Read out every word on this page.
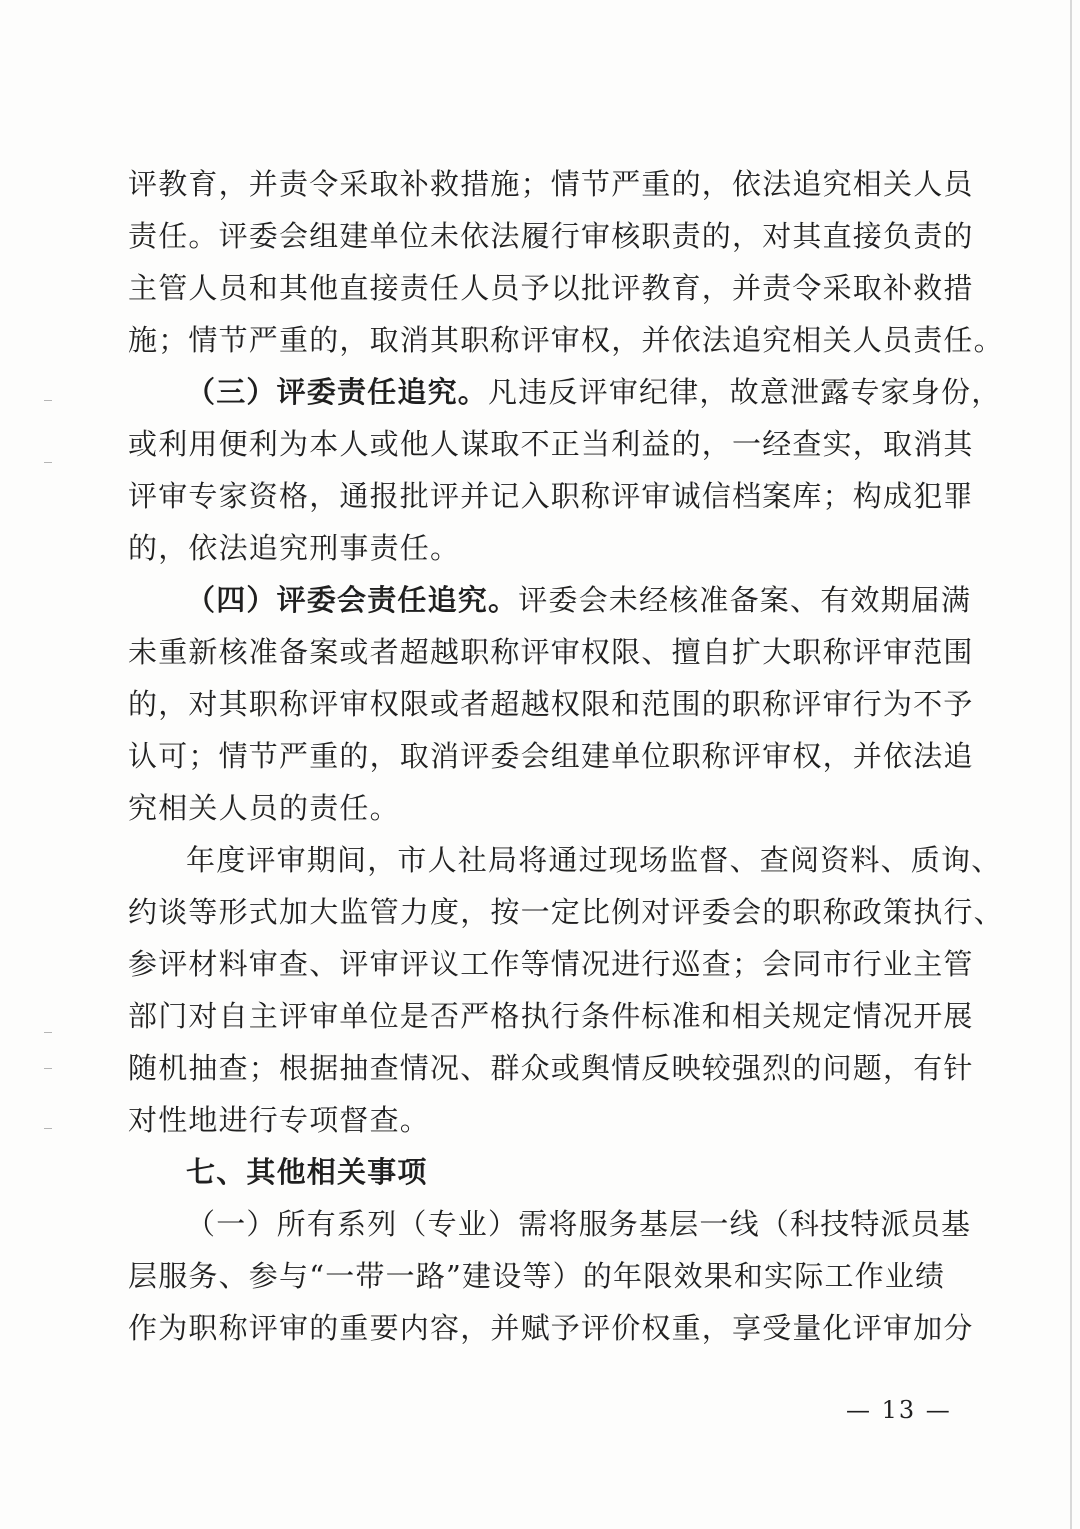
评教育，并责令采取补救措施；情节严重的，依法追究相关人员
责任。评委会组建单位未依法履行审核职责的，对其直接负责的
主管人员和其他直接责任人员予以批评教育，并责令采取补救措
施；情节严重的，取消其职称评审权，并依法追究相关人员责任。
（三）评委责任追究。凡违反评审纪律，故意泄露专家身份，
或利用便利为本人或他人谋取不正当利益的，一经查实，取消其
评审专家资格，通报批评并记入职称评审诚信档案库；构成犯罪
的，依法追究刑事责任。
（四）评委会责任追究。评委会未经核准备案、有效期届满
未重新核准备案或者超越职称评审权限、擅自扩大职称评审范围
的，对其职称评审权限或者超越权限和范围的职称评审行为不予
认可；情节严重的，取消评委会组建单位职称评审权，并依法追
究相关人员的责任。
年度评审期间，市人社局将通过现场监督、查阅资料、质询、
约谈等形式加大监管力度，按一定比例对评委会的职称政策执行、
参评材料审查、评审评议工作等情况进行巡查；会同市行业主管
部门对自主评审单位是否严格执行条件标准和相关规定情况开展
随机抽查；根据抽查情况、群众或舆情反映较强烈的问题，有针
对性地进行专项督查。
七、其他相关事项
（一）所有系列（专业）需将服务基层一线（科技特派员基
层服务、参与“一带一路”建设等）的年限效果和实际工作业绩
作为职称评审的重要内容，并赋予评价权重，享受量化评审加分
— 13 —
